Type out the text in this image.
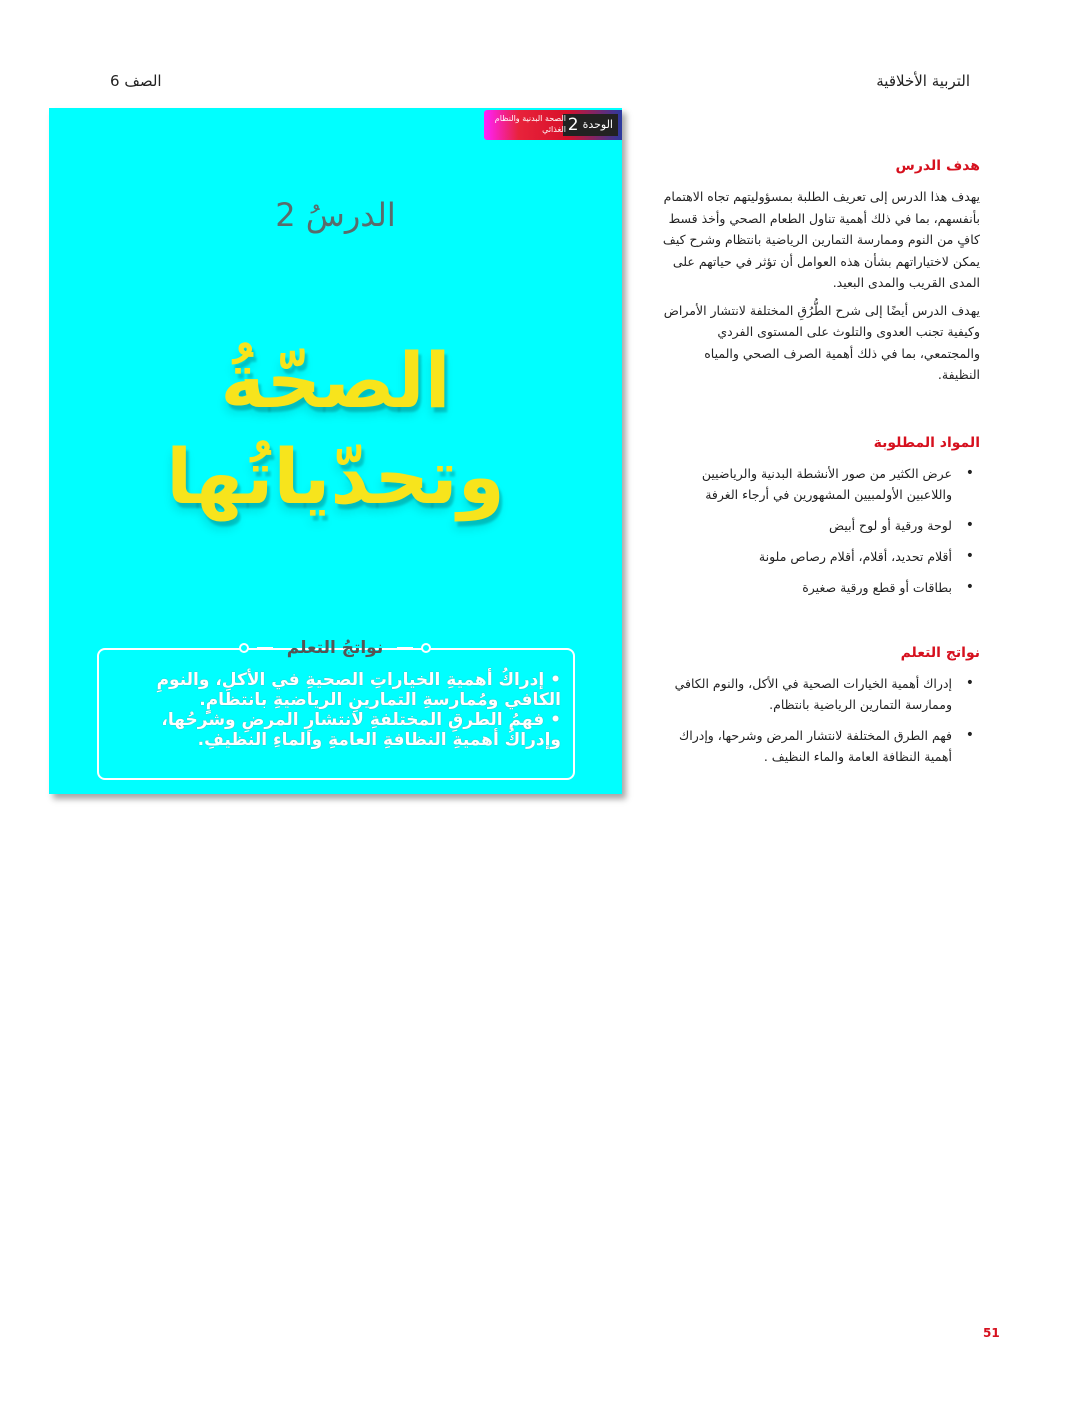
التربية الأخلاقية
الصف 6
الوحدة
2
الصحة البدنية والنظام الغذائي
الدرسُ 2
الصحّةُ
وتحدّياتُها
نواتجُ التعلم

• إدراكُ أهميةِ الخياراتِ الصحيةِ في الأكلِ، والنومِ الكافي ومُمارسةِ التمارينِ الرياضيةِ بانتظامٍ.

• فهمُ الطرقِ المختلفةِ لانتشارِ المرضِ وشرحُها، وإدراكُ أهميةِ النظافةِ العامةِ والماءِ النظيفِ.

هدف الدرس

يهدف هذا الدرس إلى تعريف الطلبة بمسؤوليتهم تجاه الاهتمام بأنفسهم، بما في ذلك أهمية تناول الطعام الصحي وأخذ قسط كافٍ من النوم وممارسة التمارين الرياضية بانتظام وشرح كيف يمكن لاختياراتهم بشأن هذه العوامل أن تؤثر في حياتهم على المدى القريب والمدى البعيد.

يهدف الدرس أيضًا إلى شرح الطُّرُقِ المختلفة لانتشار الأمراض وكيفية تجنب العدوى والتلوث على المستوى الفردي والمجتمعي، بما في ذلك أهمية الصرف الصحي والمياه النظيفة.

المواد المطلوبة
• عرض الكثير من صور الأنشطة البدنية والرياضيين واللاعبين الأولمبيين المشهورين في أرجاء الغرفة
• لوحة ورقية أو لوح أبيض
• أقلام تحديد، أقلام، أقلام رصاص ملونة
• بطاقات أو قطع ورقية صغيرة
نواتج التعلم
• إدراك أهمية الخيارات الصحية في الأكل، والنوم الكافي وممارسة التمارين الرياضية بانتظام.
• فهم الطرق المختلفة لانتشار المرض وشرحها، وإدراك أهمية النظافة العامة والماء النظيف .
51
